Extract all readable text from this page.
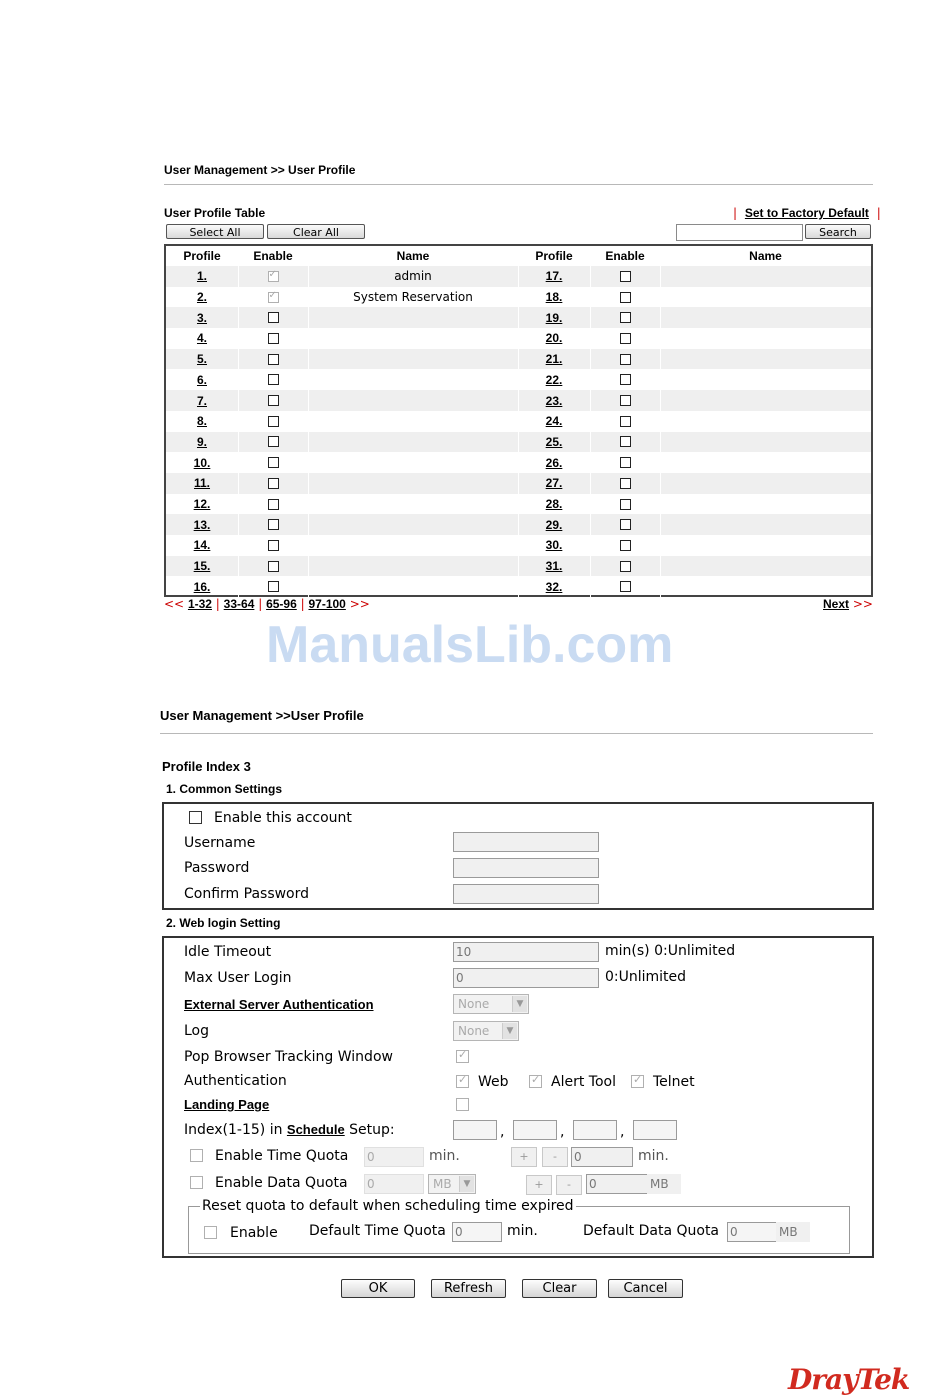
User Management >> User Profile
User Profile Table	| Set to Factory Default |
Select All	Clear All	Search
Profile	Enable	Name	Profile	Enable	Name
1. ✓	admin	17.
2. ✓	System Reservation	18.
3.	19.
4.	20.
5.	21.
6.	22.
7.	23.
8.	24.
9.	25.
10.	26.
11.	27.
12.	28.
13.	29.
14.	30.
15.	31.
16.	32.
<< 1-32 | 33-64 | 65-96 | 97-100 >>	Next >>
ManualsLib.com
User Management >>User Profile
Profile Index 3
1. Common Settings
Enable this account
Username
Password
Confirm Password
2. Web login Setting
Idle Timeout	10	min(s) 0:Unlimited
Max User Login	0	0:Unlimited
External Server Authentication	None	▼
Log	None	▼
Pop Browser Tracking Window
✓
Authentication ✓	Web ✓	Alert Tool ✓	Telnet
Landing Page
Index(1-15) in Schedule Setup:	,	,	,
Enable Time Quota 0	min.	+	-	0	min.
Enable Data Quota 0	MB	▼	+	-	0	MB
Reset quota to default when scheduling time expired
Enable Default Time Quota 0	min.	Default Data Quota 0	MB
OK	Refresh	Clear	Cancel
DrayTek
